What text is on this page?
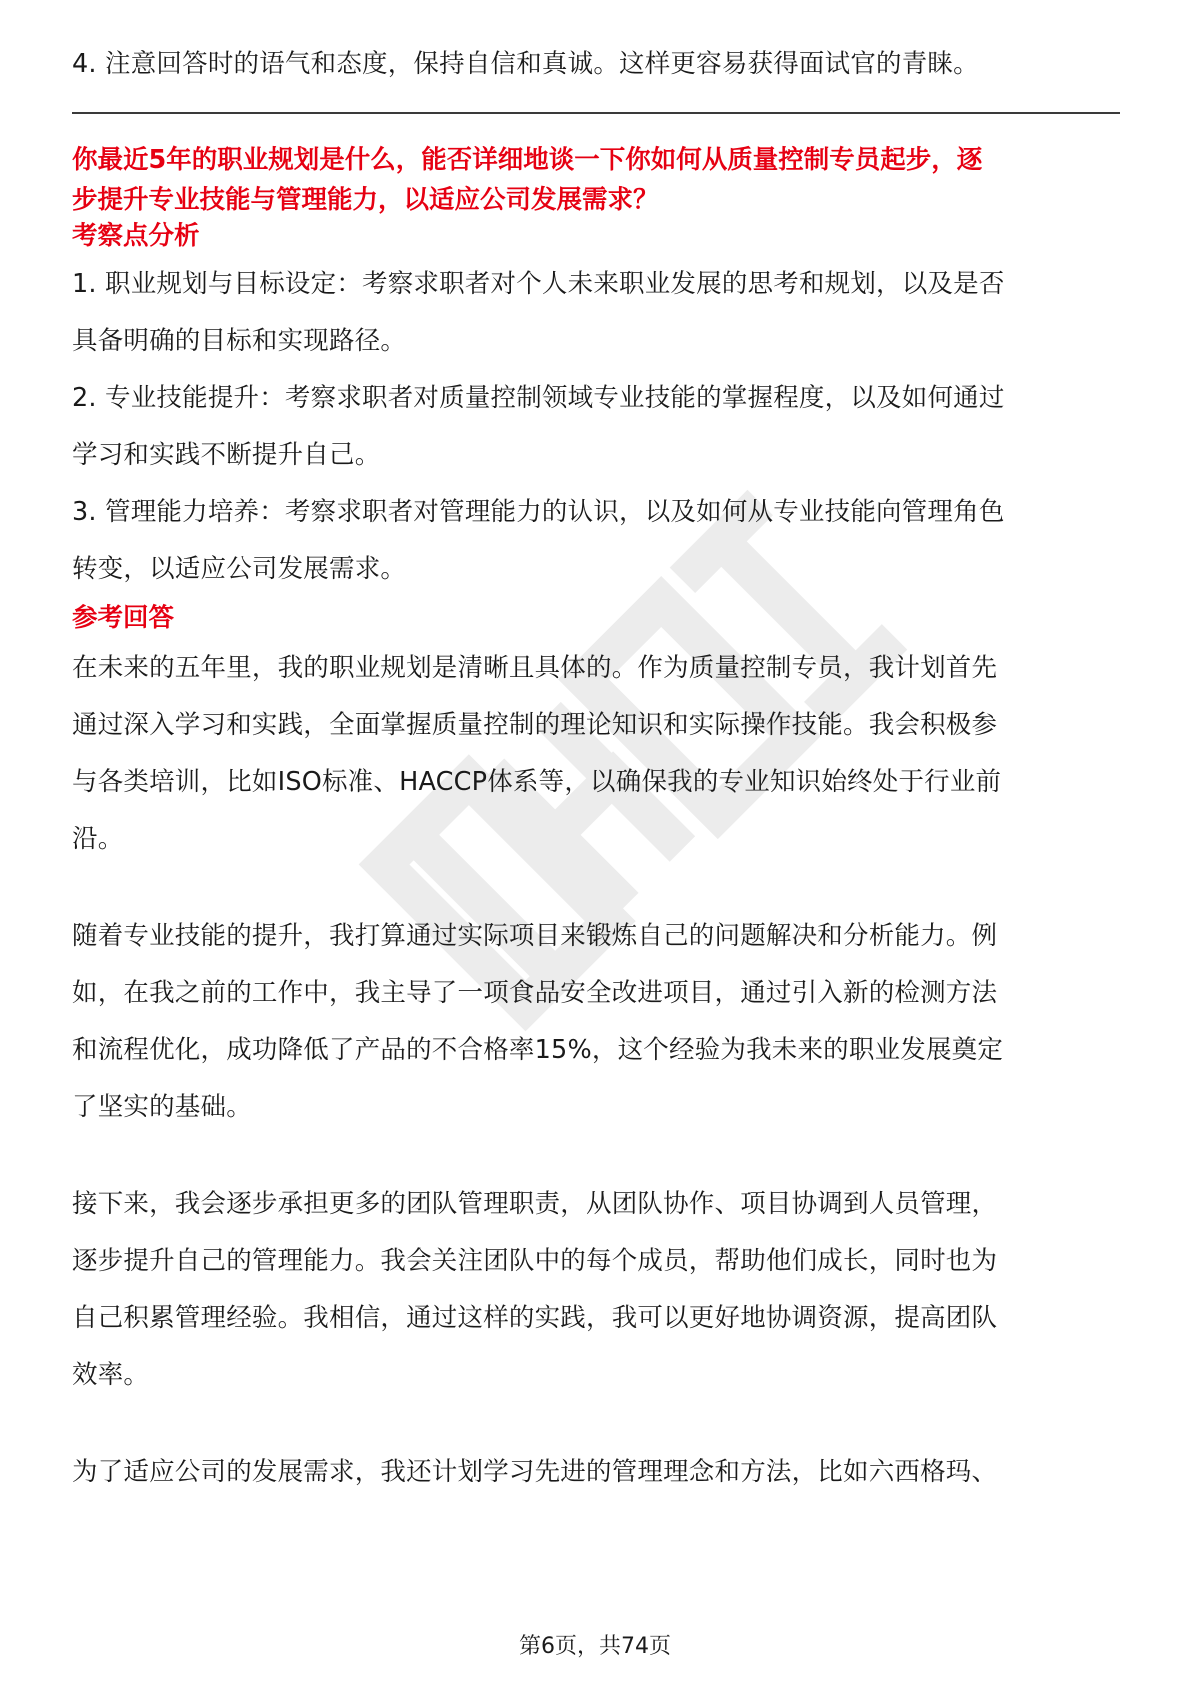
4. 注意回答时的语气和态度，保持自信和真诚。这样更容易获得面试官的青睐。
你最近5年的职业规划是什么，能否详细地谈一下你如何从质量控制专员起步，逐
步提升专业技能与管理能力，以适应公司发展需求？
考察点分析
1. 职业规划与目标设定：考察求职者对个人未来职业发展的思考和规划，以及是否
具备明确的目标和实现路径。
2. 专业技能提升：考察求职者对质量控制领域专业技能的掌握程度，以及如何通过
学习和实践不断提升自己。
3. 管理能力培养：考察求职者对管理能力的认识，以及如何从专业技能向管理角色
转变，以适应公司发展需求。
参考回答
在未来的五年里，我的职业规划是清晰且具体的。作为质量控制专员，我计划首先
通过深入学习和实践，全面掌握质量控制的理论知识和实际操作技能。我会积极参
与各类培训，比如ISO标准、HACCP体系等，以确保我的专业知识始终处于行业前
沿。
随着专业技能的提升，我打算通过实际项目来锻炼自己的问题解决和分析能力。例
如，在我之前的工作中，我主导了一项食品安全改进项目，通过引入新的检测方法
和流程优化，成功降低了产品的不合格率15%，这个经验为我未来的职业发展奠定
了坚实的基础。
接下来，我会逐步承担更多的团队管理职责，从团队协作、项目协调到人员管理，
逐步提升自己的管理能力。我会关注团队中的每个成员，帮助他们成长，同时也为
自己积累管理经验。我相信，通过这样的实践，我可以更好地协调资源，提高团队
效率。
为了适应公司的发展需求，我还计划学习先进的管理理念和方法，比如六西格玛、
第6页，共74页
